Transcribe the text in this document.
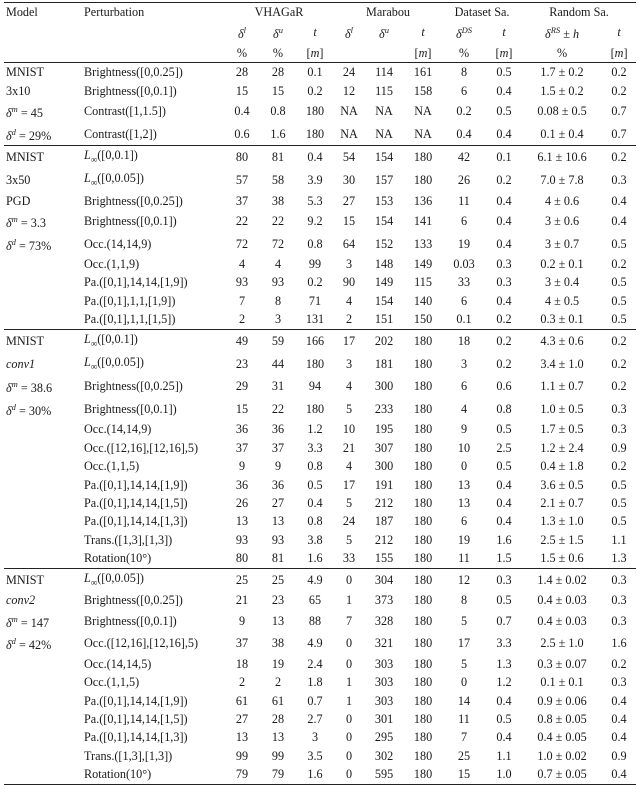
Model	Perturbation	VHAGaR			Marabou			Dataset Sa.		Random Sa.	
		$\delta^l$	$\delta^u$	t	$\delta^l$	$\delta^u$	t	$\delta^{DS}$	t	$\delta^{RS} \pm h$	t
		%	%	[m]			[m]	%	[m]	%	[m]
MNIST	Brightness([0,0.25])	28	28	0.1	24	114	161	8	0.5	1.7 ± 0.2	0.2
3x10	Brightness([0,0.1])	15	15	0.2	12	115	158	6	0.4	1.5 ± 0.2	0.2
$\delta^m = 45$	Contrast([1,1.5])	0.4	0.8	180	NA	NA	NA	0.2	0.5	0.08 ± 0.5	0.7
$\delta^d = 29\%$	Contrast([1,2])	0.6	1.6	180	NA	NA	NA	0.4	0.4	0.1 ± 0.4	0.7
MNIST	$L_\infty([0,0.1])$	80	81	0.4	54	154	180	42	0.1	6.1 ± 10.6	0.2
3x50	$L_\infty([0,0.05])$	57	58	3.9	30	157	180	26	0.2	7.0 ± 7.8	0.3
PGD	Brightness([0,0.25])	37	38	5.3	27	153	136	11	0.4	4 ± 0.6	0.4
$\delta^m = 3.3$	Brightness([0,0.1])	22	22	9.2	15	154	141	6	0.4	3 ± 0.6	0.4
$\delta^d = 73\%$	Occ.(14,14,9)	72	72	0.8	64	152	133	19	0.4	3 ± 0.7	0.5
	Occ.(1,1,9)	4	4	99	3	148	149	0.03	0.3	0.2 ± 0.1	0.2
	Pa.([0,1],14,14,[1,9])	93	93	0.2	90	149	115	33	0.3	3 ± 0.4	0.5
	Pa.([0,1],1,1,[1,9])	7	8	71	4	154	140	6	0.4	4 ± 0.5	0.5
	Pa.([0,1],1,1,[1,5])	2	3	131	2	151	150	0.1	0.2	0.3 ± 0.1	0.5
MNIST	$L_\infty([0,0.1])$	49	59	166	17	202	180	18	0.2	4.3 ± 0.6	0.2
conv1	$L_\infty([0,0.05])$	23	44	180	3	181	180	3	0.2	3.4 ± 1.0	0.2
$\delta^m = 38.6$	Brightness([0,0.25])	29	31	94	4	300	180	6	0.6	1.1 ± 0.7	0.2
$\delta^d = 30\%$	Brightness([0,0.1])	15	22	180	5	233	180	4	0.8	1.0 ± 0.5	0.3
	Occ.(14,14,9)	36	36	1.2	10	195	180	9	0.5	1.7 ± 0.5	0.3
	Occ.([12,16],[12,16],5)	37	37	3.3	21	307	180	10	2.5	1.2 ± 2.4	0.9
	Occ.(1,1,5)	9	9	0.8	4	300	180	0	0.5	0.4 ± 1.8	0.2
	Pa.([0,1],14,14,[1,9])	36	36	0.5	17	191	180	13	0.4	3.6 ± 0.5	0.5
	Pa.([0,1],14,14,[1,5])	26	27	0.4	5	212	180	13	0.4	2.1 ± 0.7	0.5
	Pa.([0,1],14,14,[1,3])	13	13	0.8	24	187	180	6	0.4	1.3 ± 1.0	0.5
	Trans.([1,3],[1,3])	93	93	3.8	5	212	180	19	1.6	2.5 ± 1.5	1.1
	Rotation(10°)	80	81	1.6	33	155	180	11	1.5	1.5 ± 0.6	1.3
MNIST	$L_\infty([0,0.05])$	25	25	4.9	0	304	180	12	0.3	1.4 ± 0.02	0.3
conv2	Brightness([0,0.25])	21	23	65	1	373	180	8	0.5	0.4 ± 0.03	0.3
$\delta^m = 147$	Brightness([0,0.1])	9	13	88	7	328	180	5	0.7	0.4 ± 0.03	0.3
$\delta^d = 42\%$	Occ.([12,16],[12,16],5)	37	38	4.9	0	321	180	17	3.3	2.5 ± 1.0	1.6
	Occ.(14,14,5)	18	19	2.4	0	303	180	5	1.3	0.3 ± 0.07	0.2
	Occ.(1,1,5)	2	2	1.8	1	303	180	0	1.2	0.1 ± 0.1	0.3
	Pa.([0,1],14,14,[1,9])	61	61	0.7	1	303	180	14	0.4	0.9 ± 0.06	0.4
	Pa.([0,1],14,14,[1,5])	27	28	2.7	0	301	180	11	0.5	0.8 ± 0.05	0.4
	Pa.([0,1],14,14,[1,3])	13	13	3	0	295	180	7	0.4	0.4 ± 0.05	0.4
	Trans.([1,3],[1,3])	99	99	3.5	0	302	180	25	1.1	1.0 ± 0.02	0.9
	Rotation(10°)	79	79	1.6	0	595	180	15	1.0	0.7 ± 0.05	0.4
